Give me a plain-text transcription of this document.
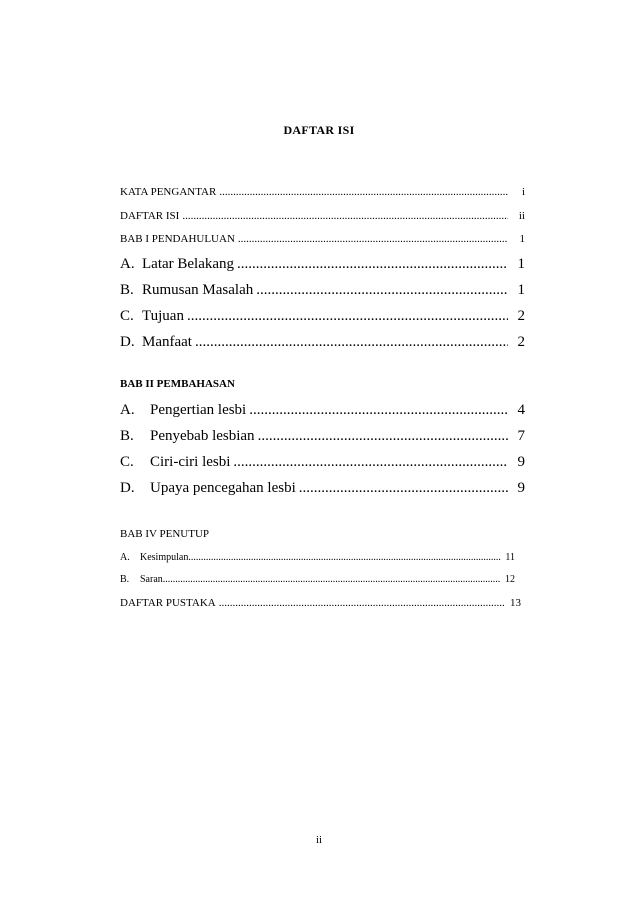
DAFTAR ISI
KATA PENGANTAR .....	i
DAFTAR ISI .....	ii
BAB I PENDAHULUAN .....	1
A. Latar Belakang .....	1
B. Rumusan Masalah .....	1
C. Tujuan .....	2
D. Manfaat .....	2
BAB II PEMBAHASAN
A. Pengertian lesbi .....	4
B. Penyebab lesbian .....	7
C. Ciri-ciri lesbi .....	9
D. Upaya pencegahan lesbi .....	9
BAB IV PENUTUP
A. Kesimpulan .....	11
B. Saran .....	12
DAFTAR PUSTAKA .....	13
ii
